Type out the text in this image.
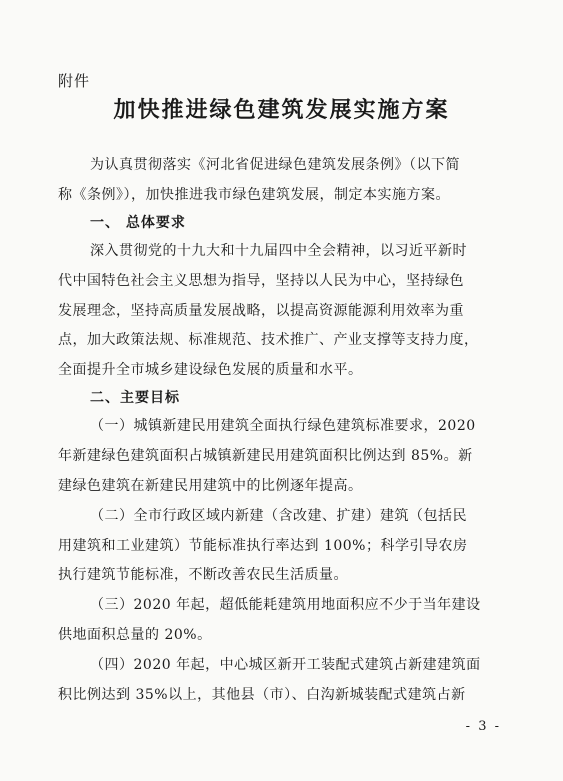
附件
加快推进绿色建筑发展实施方案
为认真贯彻落实《河北省促进绿色建筑发展条例》（以下简
称《条例》），加快推进我市绿色建筑发展，制定本实施方案。
一、 总体要求
深入贯彻党的十九大和十九届四中全会精神，以习近平新时
代中国特色社会主义思想为指导，坚持以人民为中心，坚持绿色
发展理念，坚持高质量发展战略，以提高资源能源利用效率为重
点，加大政策法规、标准规范、技术推广、产业支撑等支持力度，
全面提升全市城乡建设绿色发展的质量和水平。
二、主要目标
（一）城镇新建民用建筑全面执行绿色建筑标准要求，2020
年新建绿色建筑面积占城镇新建民用建筑面积比例达到 85%。新
建绿色建筑在新建民用建筑中的比例逐年提高。
（二）全市行政区域内新建（含改建、扩建）建筑（包括民
用建筑和工业建筑）节能标准执行率达到 100%；科学引导农房
执行建筑节能标准，不断改善农民生活质量。
（三）2020 年起，超低能耗建筑用地面积应不少于当年建设
供地面积总量的 20%。
（四）2020 年起，中心城区新开工装配式建筑占新建建筑面
积比例达到 35%以上，其他县（市）、白沟新城装配式建筑占新
- 3 -
